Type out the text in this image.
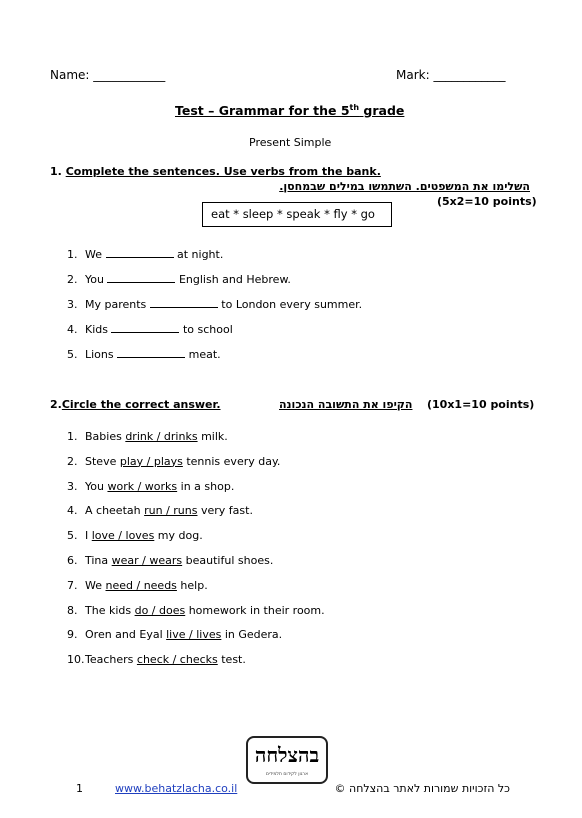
Name: ____________	Mark: ____________
Test – Grammar for the 5th grade
Present Simple
1. Complete the sentences. Use verbs from the bank.
השלימו את המשפטים. השתמשו במילים שבמחסן.
(5x2=10 points)
eat * sleep * speak * fly * go
1. We	at night.
2. You	English and Hebrew.
3. My parents	to London every summer.
4. Kids	to school
5. Lions	meat.
2.Circle the correct answer.	הקיפו את התשובה הנכונה (10x1=10 points)
1. Babies drink / drinks milk.
2. Steve play / plays tennis every day.
3. You work / works in a shop.
4. A cheetah run / runs very fast.
5. I love / loves my dog.
6. Tina wear / wears beautiful shoes.
7. We need / needs help.
8. The kids do / does homework in their room.
9. Oren and Eyal live / lives in Gedera.
10.Teachers check / checks test.
בהצלחה
ארגון לקידום תלמידים
1	www.behatzlacha.co.il	כל הזכויות שמורות לאתר בהצלחה ©
